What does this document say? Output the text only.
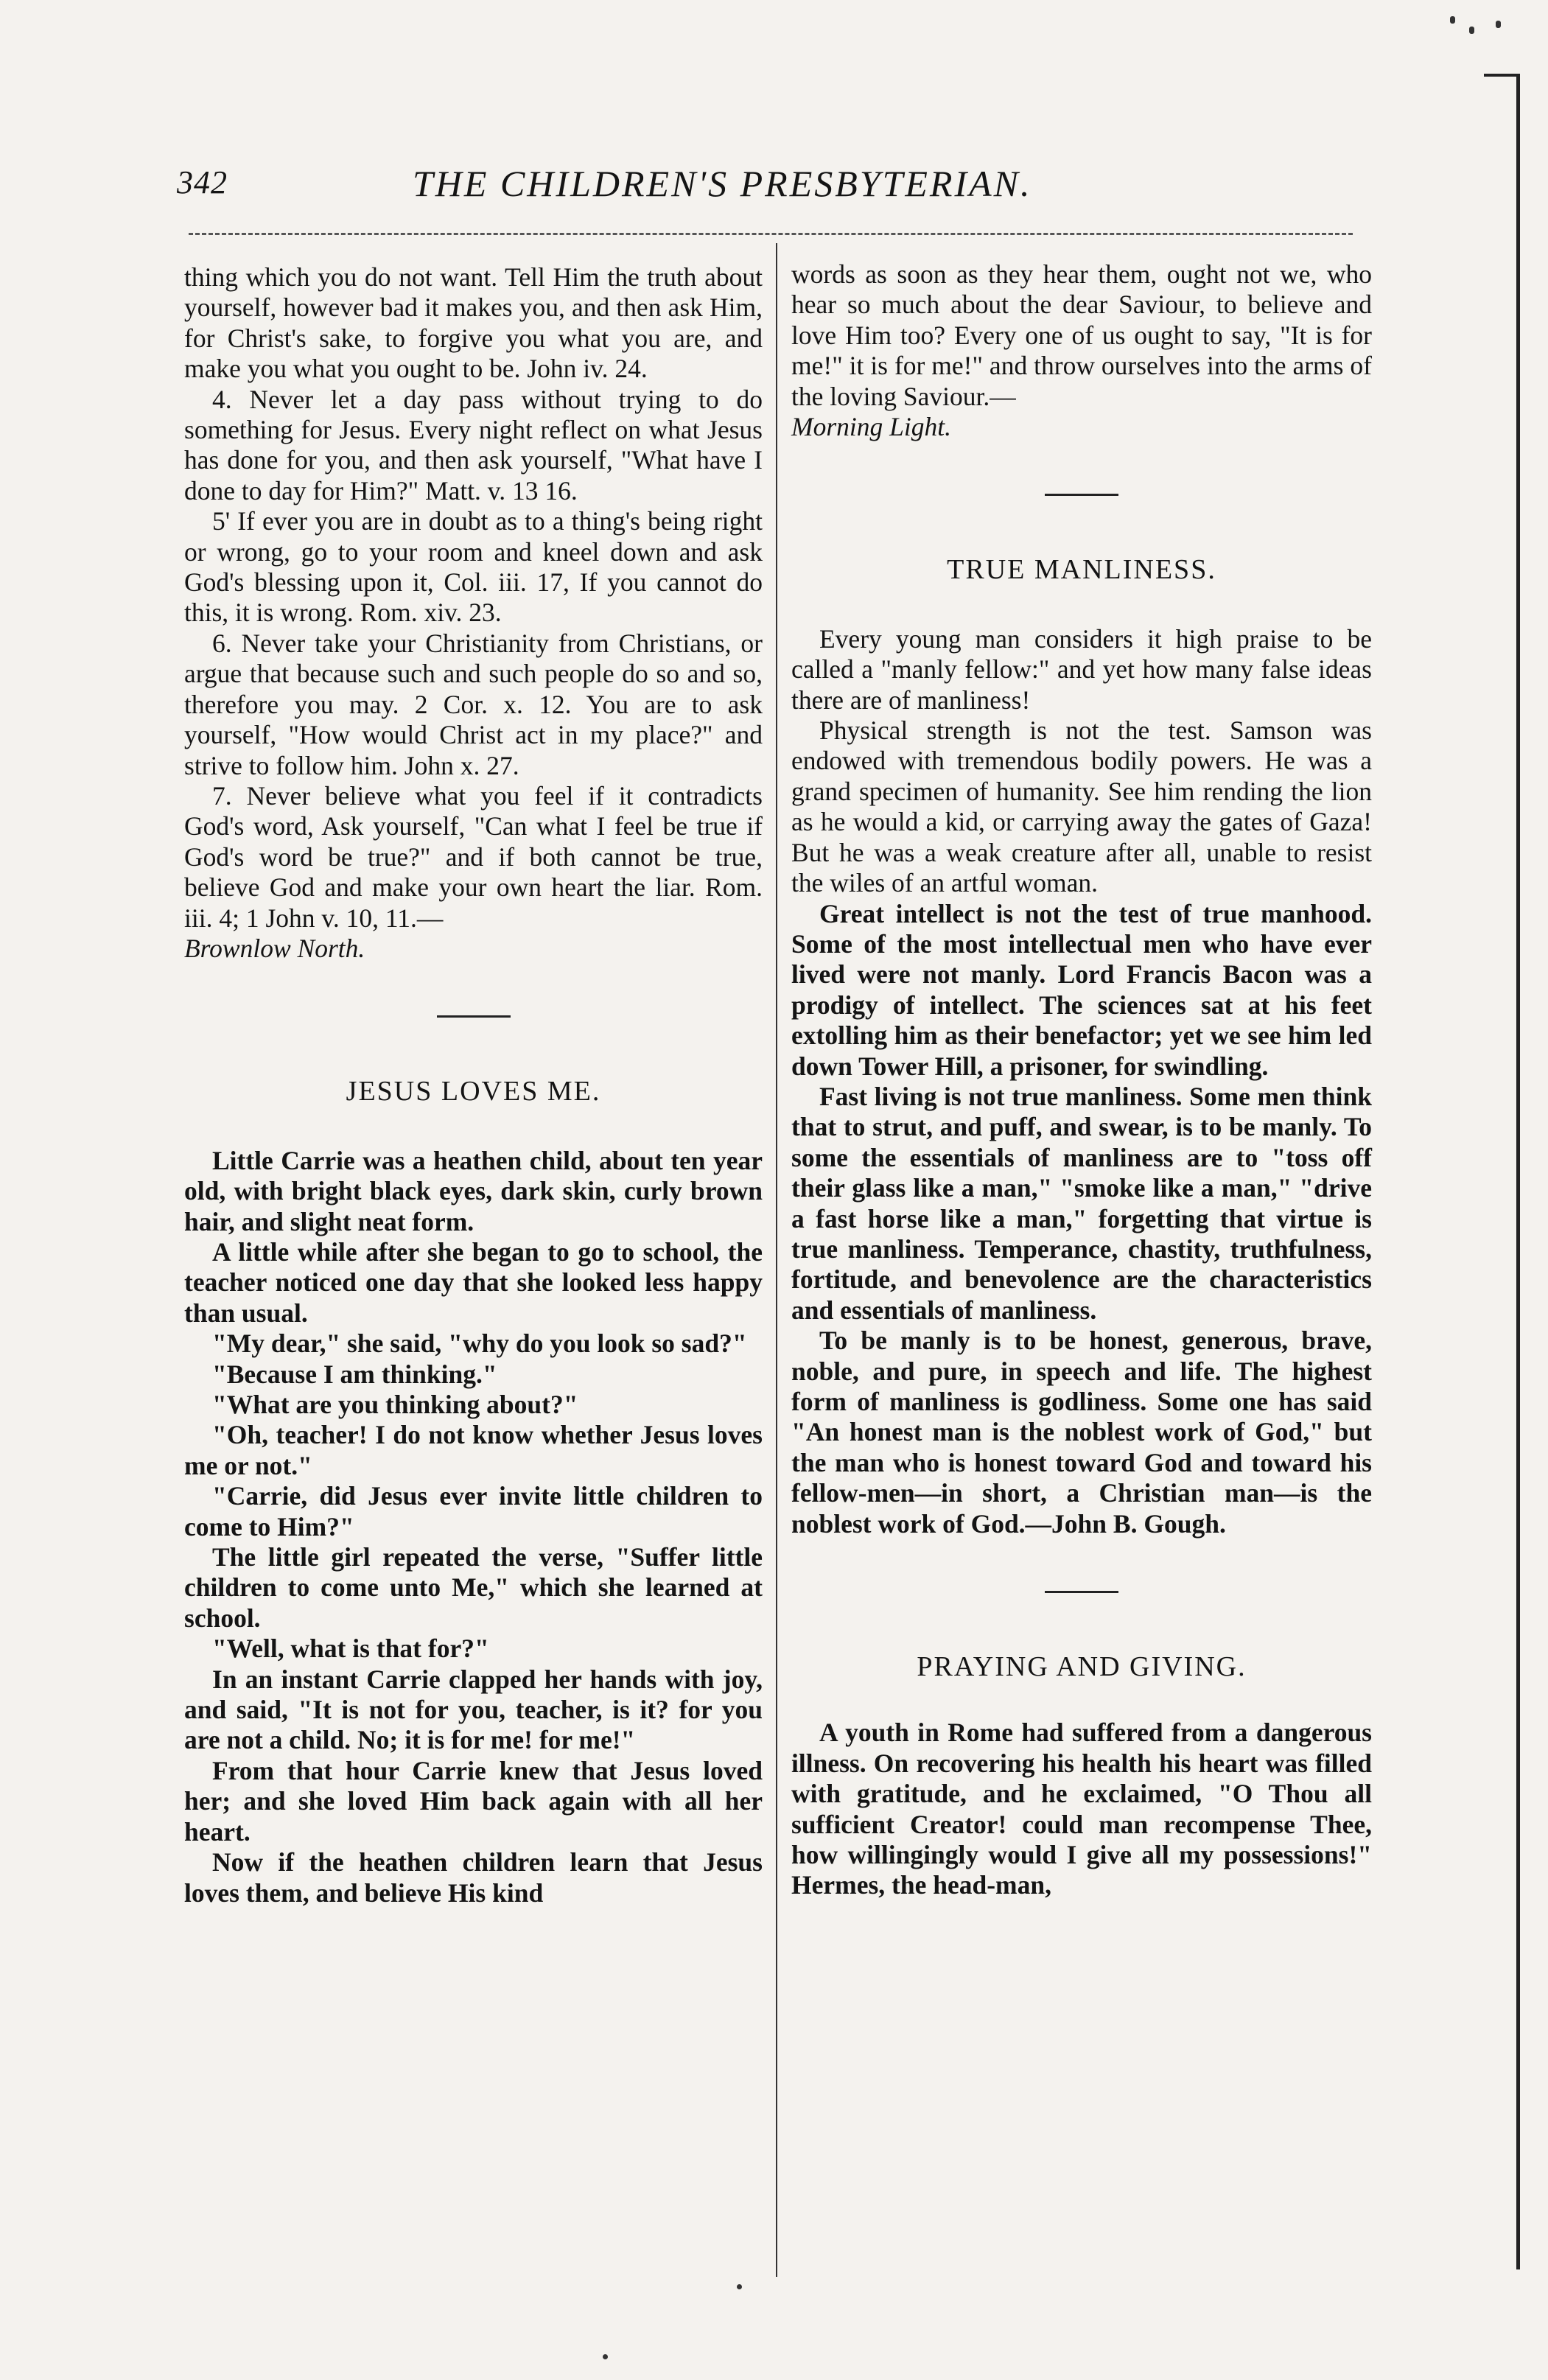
342	THE CHILDREN'S PRESBYTERIAN.

thing which you do not want. Tell Him the truth about yourself, however bad it makes you, and then ask Him, for Christ's sake, to forgive you what you are, and make you what you ought to be. John iv. 24.

4. Never let a day pass without trying to do something for Jesus. Every night reflect on what Jesus has done for you, and then ask yourself, "What have I done to day for Him?" Matt. v. 13 16.

5' If ever you are in doubt as to a thing's being right or wrong, go to your room and kneel down and ask God's blessing upon it, Col. iii. 17, If you cannot do this, it is wrong. Rom. xiv. 23.

6. Never take your Christianity from Christians, or argue that because such and such people do so and so, therefore you may. 2 Cor. x. 12. You are to ask yourself, "How would Christ act in my place?" and strive to follow him. John x. 27.

7. Never believe what you feel if it contradicts God's word, Ask yourself, "Can what I feel be true if God's word be true?" and if both cannot be true, believe God and make your own heart the liar. Rom. iii. 4; 1 John v. 10, 11.—

Brownlow North.

JESUS LOVES ME.

Little Carrie was a heathen child, about ten year old, with bright black eyes, dark skin, curly brown hair, and slight neat form.

A little while after she began to go to school, the teacher noticed one day that she looked less happy than usual.

"My dear," she said, "why do you look so sad?"

"Because I am thinking."

"What are you thinking about?"

"Oh, teacher! I do not know whether Jesus loves me or not."

"Carrie, did Jesus ever invite little children to come to Him?"

The little girl repeated the verse, "Suffer little children to come unto Me," which she learned at school.

"Well, what is that for?"

In an instant Carrie clapped her hands with joy, and said, "It is not for you, teacher, is it? for you are not a child. No; it is for me! for me!"

From that hour Carrie knew that Jesus loved her; and she loved Him back again with all her heart.

Now if the heathen children learn that Jesus loves them, and believe His kind

words as soon as they hear them, ought not we, who hear so much about the dear Saviour, to believe and love Him too? Every one of us ought to say, "It is for me!" it is for me!" and throw ourselves into the arms of the loving Saviour.—

Morning Light.

TRUE MANLINESS.

Every young man considers it high praise to be called a "manly fellow:" and yet how many false ideas there are of manliness!

Physical strength is not the test. Samson was endowed with tremendous bodily powers. He was a grand specimen of humanity. See him rending the lion as he would a kid, or carrying away the gates of Gaza! But he was a weak creature after all, unable to resist the wiles of an artful woman.

Great intellect is not the test of true manhood. Some of the most intellectual men who have ever lived were not manly. Lord Francis Bacon was a prodigy of intellect. The sciences sat at his feet extolling him as their benefactor; yet we see him led down Tower Hill, a prisoner, for swindling.

Fast living is not true manliness. Some men think that to strut, and puff, and swear, is to be manly. To some the essentials of manliness are to "toss off their glass like a man," "smoke like a man," "drive a fast horse like a man," forgetting that virtue is true manliness. Temperance, chastity, truthfulness, fortitude, and benevolence are the characteristics and essentials of manliness.

To be manly is to be honest, generous, brave, noble, and pure, in speech and life. The highest form of manliness is godliness. Some one has said "An honest man is the noblest work of God," but the man who is honest toward God and toward his fellow-men—in short, a Christian man—is the noblest work of God.—John B. Gough.

PRAYING AND GIVING.

A youth in Rome had suffered from a dangerous illness. On recovering his health his heart was filled with gratitude, and he exclaimed, "O Thou all sufficient Creator! could man recompense Thee, how willingingly would I give all my possessions!" Hermes, the head-man,
